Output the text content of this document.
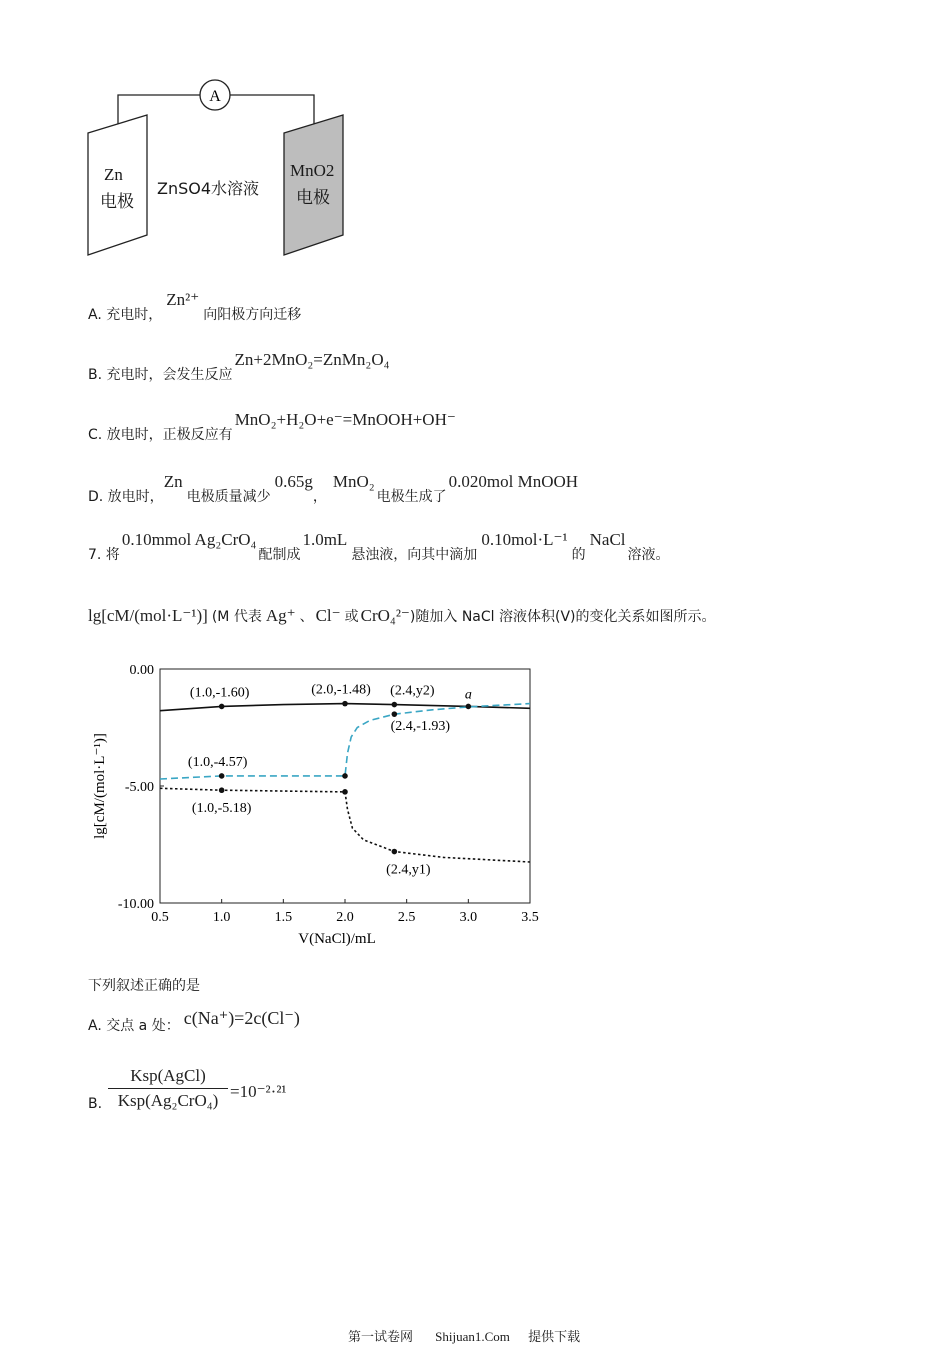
A
Zn
电极
ZnSO4水溶液
MnO2
电极
A. 充电时，Zn²⁺向阳极方向迁移
B. 充电时，会发生反应Zn+2MnO₂=ZnMn₂O₄
C. 放电时，正极反应有MnO₂+H₂O+e⁻=MnOOH+OH⁻
D. 放电时，Zn电极质量减少0.65g，MnO₂电极生成了0.020mol MnOOH
7. 将0.10mmol Ag₂CrO₄配制成1.0mL悬浊液，向其中滴加0.10mol·L⁻¹的NaCl溶液。
lg[cM/(mol·L⁻¹)] (M 代表 Ag⁺ 、 Cl⁻ 或 CrO₄²⁻)随加入 NaCl 溶液体积(V)的变化关系如图所示。
0.5	1.0	1.5	2.0	2.5	3.0	3.5
0.00
-5.00
-10.00
(1.0,-1.60)	(2.0,-1.48) (2.4,y2) a
(2.4,-1.93)
(1.0,-4.57)
(1.0,-5.18)
(2.4,y1)
V(NaCl)/mL
lg[cM/(mol·L⁻¹)]
下列叙述正确的是
A. 交点 a 处： c(Na⁺)=2c(Cl⁻)
B.
Ksp(AgCl)
Ksp(Ag₂CrO₄) =10⁻²·²¹
第一试卷网 Shijuan1.Com 提供下载
